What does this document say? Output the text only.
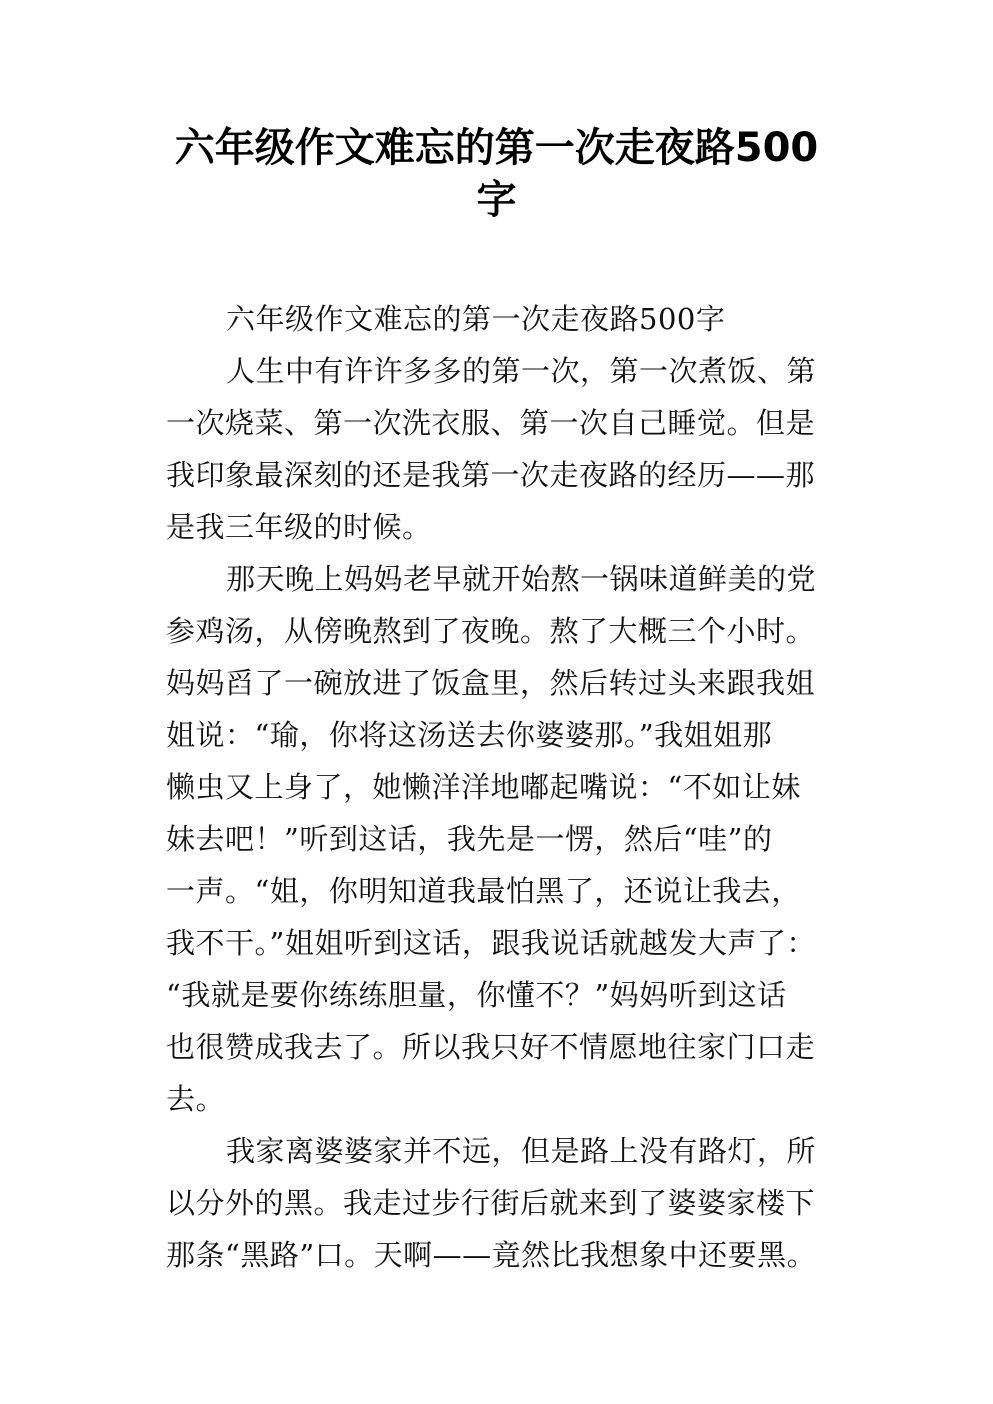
六年级作文难忘的第一次走夜路500
字
六年级作文难忘的第一次走夜路500字
人生中有许许多多的第一次，第一次煮饭、第
一次烧菜、第一次洗衣服、第一次自己睡觉。但是
我印象最深刻的还是我第一次走夜路的经历——那
是我三年级的时候。
那天晚上妈妈老早就开始熬一锅味道鲜美的党
参鸡汤，从傍晚熬到了夜晚。熬了大概三个小时。
妈妈舀了一碗放进了饭盒里，然后转过头来跟我姐
姐说：“瑜，你将这汤送去你婆婆那。”我姐姐那
懒虫又上身了，她懒洋洋地嘟起嘴说：“不如让妹
妹去吧！”听到这话，我先是一愣，然后“哇”的
一声。“姐，你明知道我最怕黑了，还说让我去，
我不干。”姐姐听到这话，跟我说话就越发大声了：
“我就是要你练练胆量，你懂不？”妈妈听到这话
也很赞成我去了。所以我只好不情愿地往家门口走
去。
我家离婆婆家并不远，但是路上没有路灯，所
以分外的黑。我走过步行街后就来到了婆婆家楼下
那条“黑路”口。天啊——竟然比我想象中还要黑。
